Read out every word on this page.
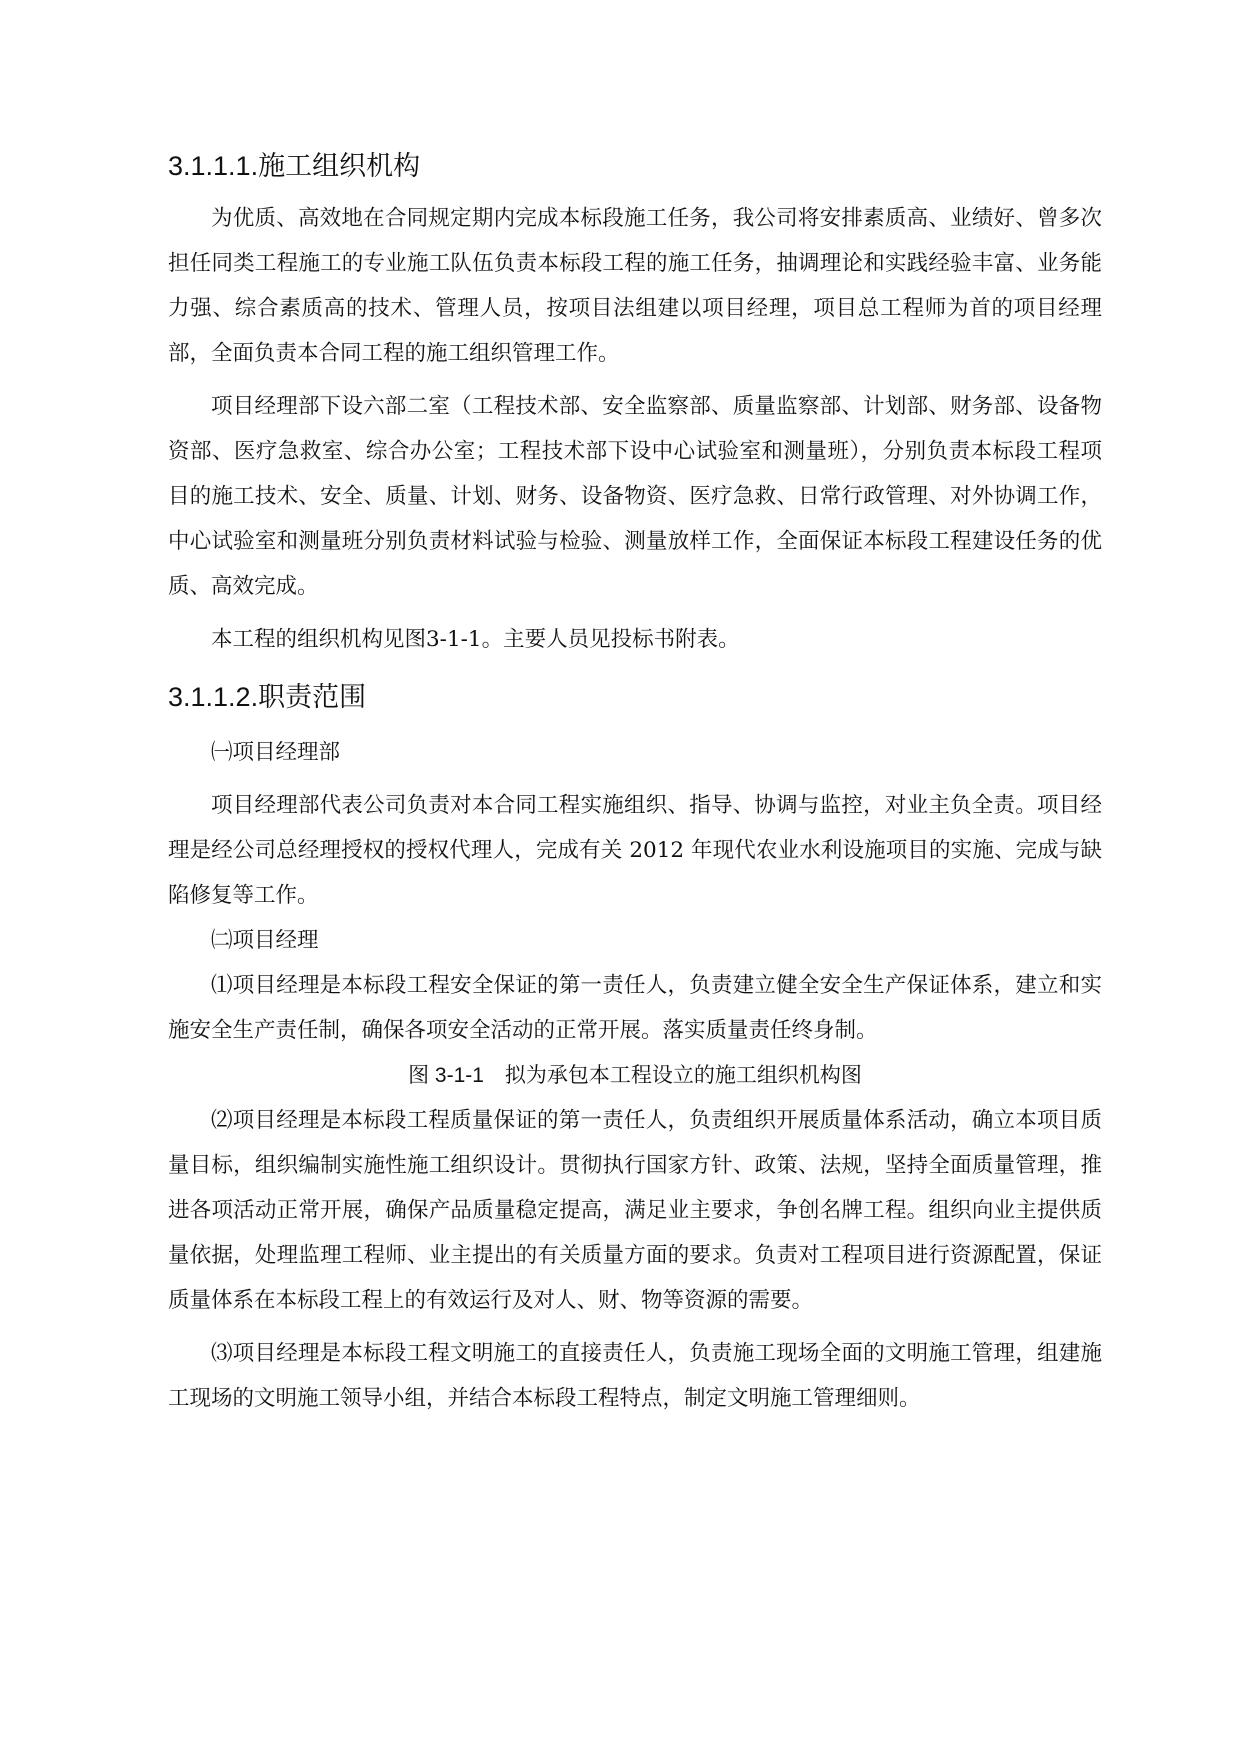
3.1.1.1.施工组织机构

为优质、高效地在合同规定期内完成本标段施工任务，我公司将安排素质高、业绩好、曾多次担任同类工程施工的专业施工队伍负责本标段工程的施工任务，抽调理论和实践经验丰富、业务能力强、综合素质高的技术、管理人员，按项目法组建以项目经理，项目总工程师为首的项目经理部，全面负责本合同工程的施工组织管理工作。

项目经理部下设六部二室（工程技术部、安全监察部、质量监察部、计划部、财务部、设备物资部、医疗急救室、综合办公室；工程技术部下设中心试验室和测量班），分别负责本标段工程项目的施工技术、安全、质量、计划、财务、设备物资、医疗急救、日常行政管理、对外协调工作，中心试验室和测量班分别负责材料试验与检验、测量放样工作，全面保证本标段工程建设任务的优质、高效完成。

本工程的组织机构见图3-1-1。主要人员见投标书附表。

3.1.1.2.职责范围

㈠项目经理部

项目经理部代表公司负责对本合同工程实施组织、指导、协调与监控，对业主负全责。项目经理是经公司总经理授权的授权代理人，完成有关 2012 年现代农业水利设施项目的实施、完成与缺陷修复等工作。

㈡项目经理

⑴项目经理是本标段工程安全保证的第一责任人，负责建立健全安全生产保证体系，建立和实施安全生产责任制，确保各项安全活动的正常开展。落实质量责任终身制。

图 3-1-1　拟为承包本工程设立的施工组织机构图

⑵项目经理是本标段工程质量保证的第一责任人，负责组织开展质量体系活动，确立本项目质量目标，组织编制实施性施工组织设计。贯彻执行国家方针、政策、法规，坚持全面质量管理，推进各项活动正常开展，确保产品质量稳定提高，满足业主要求，争创名牌工程。组织向业主提供质量依据，处理监理工程师、业主提出的有关质量方面的要求。负责对工程项目进行资源配置，保证质量体系在本标段工程上的有效运行及对人、财、物等资源的需要。

⑶项目经理是本标段工程文明施工的直接责任人，负责施工现场全面的文明施工管理，组建施工现场的文明施工领导小组，并结合本标段工程特点，制定文明施工管理细则。
